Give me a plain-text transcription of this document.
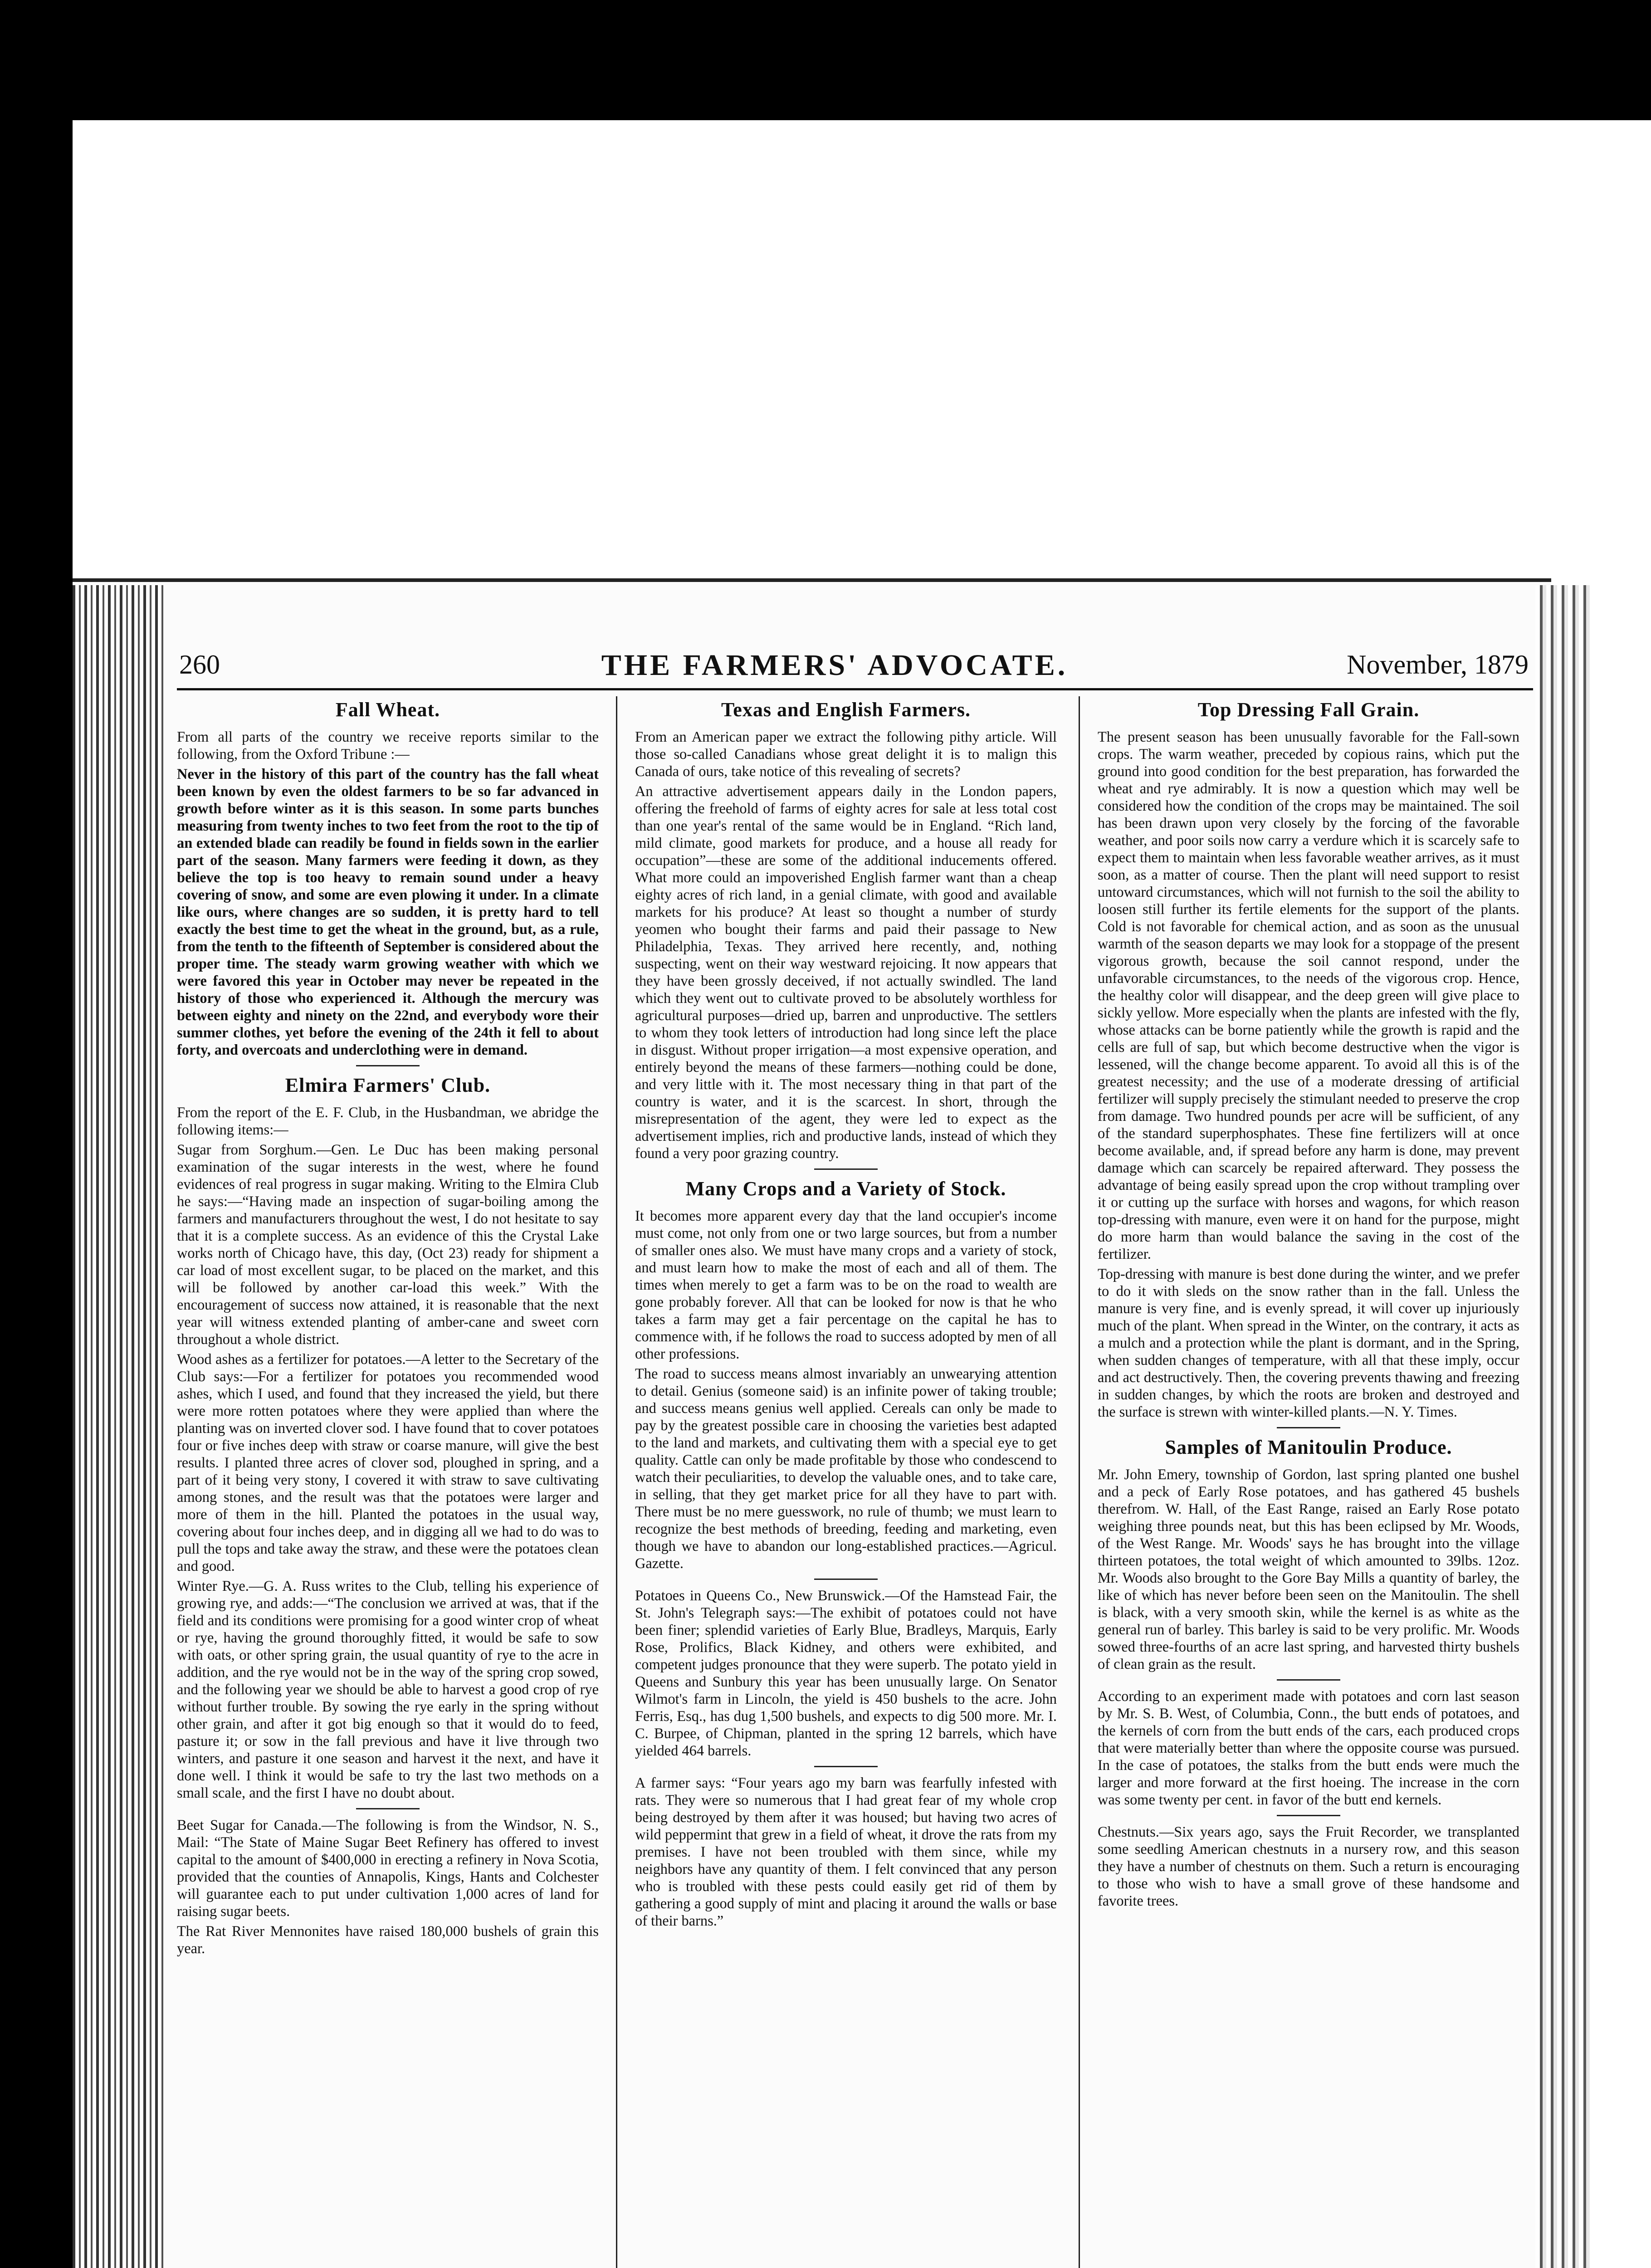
260	THE FARMERS' ADVOCATE.	November, 1879
Fall Wheat.

From all parts of the country we receive reports similar to the following, from the Oxford Tribune :—

Never in the history of this part of the country has the fall wheat been known by even the oldest farmers to be so far advanced in growth before winter as it is this season. In some parts bunches measuring from twenty inches to two feet from the root to the tip of an extended blade can readily be found in fields sown in the earlier part of the season. Many farmers were feeding it down, as they believe the top is too heavy to remain sound under a heavy covering of snow, and some are even plowing it under. In a climate like ours, where changes are so sudden, it is pretty hard to tell exactly the best time to get the wheat in the ground, but, as a rule, from the tenth to the fifteenth of September is considered about the proper time. The steady warm growing weather with which we were favored this year in October may never be repeated in the history of those who experienced it. Although the mercury was between eighty and ninety on the 22nd, and everybody wore their summer clothes, yet before the evening of the 24th it fell to about forty, and overcoats and underclothing were in demand.

Elmira Farmers' Club.

From the report of the E. F. Club, in the Husbandman, we abridge the following items:—

Sugar from Sorghum.—Gen. Le Duc has been making personal examination of the sugar interests in the west, where he found evidences of real progress in sugar making. Writing to the Elmira Club he says:—“Having made an inspection of sugar-boiling among the farmers and manufacturers throughout the west, I do not hesitate to say that it is a complete success. As an evidence of this the Crystal Lake works north of Chicago have, this day, (Oct 23) ready for shipment a car load of most excellent sugar, to be placed on the market, and this will be followed by another car-load this week.” With the encouragement of success now attained, it is reasonable that the next year will witness extended planting of amber-cane and sweet corn throughout a whole district.

Wood ashes as a fertilizer for potatoes.—A letter to the Secretary of the Club says:—For a fertilizer for potatoes you recommended wood ashes, which I used, and found that they increased the yield, but there were more rotten potatoes where they were applied than where the planting was on inverted clover sod. I have found that to cover potatoes four or five inches deep with straw or coarse manure, will give the best results. I planted three acres of clover sod, ploughed in spring, and a part of it being very stony, I covered it with straw to save cultivating among stones, and the result was that the potatoes were larger and more of them in the hill. Planted the potatoes in the usual way, covering about four inches deep, and in digging all we had to do was to pull the tops and take away the straw, and these were the potatoes clean and good.

Winter Rye.—G. A. Russ writes to the Club, telling his experience of growing rye, and adds:—“The conclusion we arrived at was, that if the field and its conditions were promising for a good winter crop of wheat or rye, having the ground thoroughly fitted, it would be safe to sow with oats, or other spring grain, the usual quantity of rye to the acre in addition, and the rye would not be in the way of the spring crop sowed, and the following year we should be able to harvest a good crop of rye without further trouble. By sowing the rye early in the spring without other grain, and after it got big enough so that it would do to feed, pasture it; or sow in the fall previous and have it live through two winters, and pasture it one season and harvest it the next, and have it done well. I think it would be safe to try the last two methods on a small scale, and the first I have no doubt about.

Beet Sugar for Canada.—The following is from the Windsor, N. S., Mail: “The State of Maine Sugar Beet Refinery has offered to invest capital to the amount of $400,000 in erecting a refinery in Nova Scotia, provided that the counties of Annapolis, Kings, Hants and Colchester will guarantee each to put under cultivation 1,000 acres of land for raising sugar beets.

The Rat River Mennonites have raised 180,000 bushels of grain this year.

Texas and English Farmers.

From an American paper we extract the following pithy article. Will those so-called Canadians whose great delight it is to malign this Canada of ours, take notice of this revealing of secrets?

An attractive advertisement appears daily in the London papers, offering the freehold of farms of eighty acres for sale at less total cost than one year's rental of the same would be in England. “Rich land, mild climate, good markets for produce, and a house all ready for occupation”—these are some of the additional inducements offered. What more could an impoverished English farmer want than a cheap eighty acres of rich land, in a genial climate, with good and available markets for his produce? At least so thought a number of sturdy yeomen who bought their farms and paid their passage to New Philadelphia, Texas. They arrived here recently, and, nothing suspecting, went on their way westward rejoicing. It now appears that they have been grossly deceived, if not actually swindled. The land which they went out to cultivate proved to be absolutely worthless for agricultural purposes—dried up, barren and unproductive. The settlers to whom they took letters of introduction had long since left the place in disgust. Without proper irrigation—a most expensive operation, and entirely beyond the means of these farmers—nothing could be done, and very little with it. The most necessary thing in that part of the country is water, and it is the scarcest. In short, through the misrepresentation of the agent, they were led to expect as the advertisement implies, rich and productive lands, instead of which they found a very poor grazing country.

Many Crops and a Variety of Stock.

It becomes more apparent every day that the land occupier's income must come, not only from one or two large sources, but from a number of smaller ones also. We must have many crops and a variety of stock, and must learn how to make the most of each and all of them. The times when merely to get a farm was to be on the road to wealth are gone probably forever. All that can be looked for now is that he who takes a farm may get a fair percentage on the capital he has to commence with, if he follows the road to success adopted by men of all other professions.

The road to success means almost invariably an unwearying attention to detail. Genius (someone said) is an infinite power of taking trouble; and success means genius well applied. Cereals can only be made to pay by the greatest possible care in choosing the varieties best adapted to the land and markets, and cultivating them with a special eye to get quality. Cattle can only be made profitable by those who condescend to watch their peculiarities, to develop the valuable ones, and to take care, in selling, that they get market price for all they have to part with. There must be no mere guesswork, no rule of thumb; we must learn to recognize the best methods of breeding, feeding and marketing, even though we have to abandon our long-established practices.—Agricul. Gazette.

Potatoes in Queens Co., New Brunswick.—Of the Hamstead Fair, the St. John's Telegraph says:—The exhibit of potatoes could not have been finer; splendid varieties of Early Blue, Bradleys, Marquis, Early Rose, Prolifics, Black Kidney, and others were exhibited, and competent judges pronounce that they were superb. The potato yield in Queens and Sunbury this year has been unusually large. On Senator Wilmot's farm in Lincoln, the yield is 450 bushels to the acre. John Ferris, Esq., has dug 1,500 bushels, and expects to dig 500 more. Mr. I. C. Burpee, of Chipman, planted in the spring 12 barrels, which have yielded 464 barrels.

A farmer says: “Four years ago my barn was fearfully infested with rats. They were so numerous that I had great fear of my whole crop being destroyed by them after it was housed; but having two acres of wild peppermint that grew in a field of wheat, it drove the rats from my premises. I have not been troubled with them since, while my neighbors have any quantity of them. I felt convinced that any person who is troubled with these pests could easily get rid of them by gathering a good supply of mint and placing it around the walls or base of their barns.”

Top Dressing Fall Grain.

The present season has been unusually favorable for the Fall-sown crops. The warm weather, preceded by copious rains, which put the ground into good condition for the best preparation, has forwarded the wheat and rye admirably. It is now a question which may well be considered how the condition of the crops may be maintained. The soil has been drawn upon very closely by the forcing of the favorable weather, and poor soils now carry a verdure which it is scarcely safe to expect them to maintain when less favorable weather arrives, as it must soon, as a matter of course. Then the plant will need support to resist untoward circumstances, which will not furnish to the soil the ability to loosen still further its fertile elements for the support of the plants. Cold is not favorable for chemical action, and as soon as the unusual warmth of the season departs we may look for a stoppage of the present vigorous growth, because the soil cannot respond, under the unfavorable circumstances, to the needs of the vigorous crop. Hence, the healthy color will disappear, and the deep green will give place to sickly yellow. More especially when the plants are infested with the fly, whose attacks can be borne patiently while the growth is rapid and the cells are full of sap, but which become destructive when the vigor is lessened, will the change become apparent. To avoid all this is of the greatest necessity; and the use of a moderate dressing of artificial fertilizer will supply precisely the stimulant needed to preserve the crop from damage. Two hundred pounds per acre will be sufficient, of any of the standard superphosphates. These fine fertilizers will at once become available, and, if spread before any harm is done, may prevent damage which can scarcely be repaired afterward. They possess the advantage of being easily spread upon the crop without trampling over it or cutting up the surface with horses and wagons, for which reason top-dressing with manure, even were it on hand for the purpose, might do more harm than would balance the saving in the cost of the fertilizer.

Top-dressing with manure is best done during the winter, and we prefer to do it with sleds on the snow rather than in the fall. Unless the manure is very fine, and is evenly spread, it will cover up injuriously much of the plant. When spread in the Winter, on the contrary, it acts as a mulch and a protection while the plant is dormant, and in the Spring, when sudden changes of temperature, with all that these imply, occur and act destructively. Then, the covering prevents thawing and freezing in sudden changes, by which the roots are broken and destroyed and the surface is strewn with winter-killed plants.—N. Y. Times.

Samples of Manitoulin Produce.

Mr. John Emery, township of Gordon, last spring planted one bushel and a peck of Early Rose potatoes, and has gathered 45 bushels therefrom. W. Hall, of the East Range, raised an Early Rose potato weighing three pounds neat, but this has been eclipsed by Mr. Woods, of the West Range. Mr. Woods' says he has brought into the village thirteen potatoes, the total weight of which amounted to 39lbs. 12oz. Mr. Woods also brought to the Gore Bay Mills a quantity of barley, the like of which has never before been seen on the Manitoulin. The shell is black, with a very smooth skin, while the kernel is as white as the general run of barley. This barley is said to be very prolific. Mr. Woods sowed three-fourths of an acre last spring, and harvested thirty bushels of clean grain as the result.

According to an experiment made with potatoes and corn last season by Mr. S. B. West, of Columbia, Conn., the butt ends of potatoes, and the kernels of corn from the butt ends of the cars, each produced crops that were materially better than where the opposite course was pursued. In the case of potatoes, the stalks from the butt ends were much the larger and more forward at the first hoeing. The increase in the corn was some twenty per cent. in favor of the butt end kernels.

Chestnuts.—Six years ago, says the Fruit Recorder, we transplanted some seedling American chestnuts in a nursery row, and this season they have a number of chestnuts on them. Such a return is encouraging to those who wish to have a small grove of these handsome and favorite trees.
